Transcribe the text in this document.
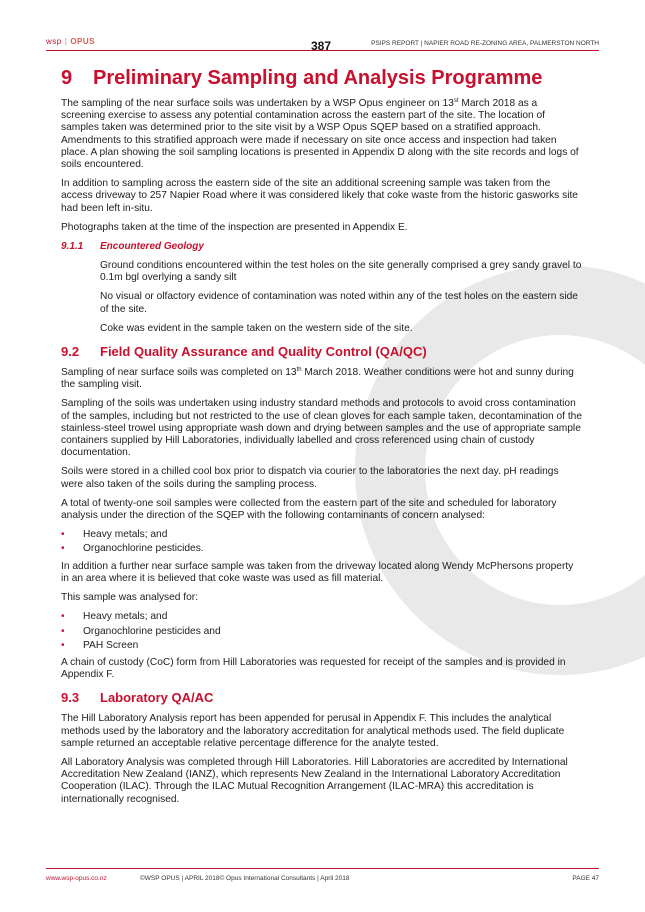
wsp | OPUS	387	PSIPS REPORT | NAPIER ROAD RE-ZONING AREA, PALMERSTON NORTH
9 Preliminary Sampling and Analysis Programme

The sampling of the near surface soils was undertaken by a WSP Opus engineer on 13st March 2018 as a screening exercise to assess any potential contamination across the eastern part of the site. The location of samples taken was determined prior to the site visit by a WSP Opus SQEP based on a stratified approach. Amendments to this stratified approach were made if necessary on site once access and inspection had taken place. A plan showing the soil sampling locations is presented in Appendix D along with the site records and logs of soils encountered.

In addition to sampling across the eastern side of the site an additional screening sample was taken from the access driveway to 257 Napier Road where it was considered likely that coke waste from the historic gasworks site had been left in-situ.

Photographs taken at the time of the inspection are presented in Appendix E.

9.1.1 Encountered Geology

Ground conditions encountered within the test holes on the site generally comprised a grey sandy gravel to 0.1m bgl overlying a sandy silt

No visual or olfactory evidence of contamination was noted within any of the test holes on the eastern side of the site.

Coke was evident in the sample taken on the western side of the site.

9.2 Field Quality Assurance and Quality Control (QA/QC)

Sampling of near surface soils was completed on 13th March 2018. Weather conditions were hot and sunny during the sampling visit.

Sampling of the soils was undertaken using industry standard methods and protocols to avoid cross contamination of the samples, including but not restricted to the use of clean gloves for each sample taken, decontamination of the stainless-steel trowel using appropriate wash down and drying between samples and the use of appropriate sample containers supplied by Hill Laboratories, individually labelled and cross referenced using chain of custody documentation.

Soils were stored in a chilled cool box prior to dispatch via courier to the laboratories the next day. pH readings were also taken of the soils during the sampling process.

A total of twenty-one soil samples were collected from the eastern part of the site and scheduled for laboratory analysis under the direction of the SQEP with the following contaminants of concern analysed:

• Heavy metals; and
• Organochlorine pesticides.

In addition a further near surface sample was taken from the driveway located along Wendy McPhersons property in an area where it is believed that coke waste was used as fill material.

This sample was analysed for:

• Heavy metals; and
• Organochlorine pesticides and
• PAH Screen

A chain of custody (CoC) form from Hill Laboratories was requested for receipt of the samples and is provided in Appendix F.

9.3 Laboratory QA/AC

The Hill Laboratory Analysis report has been appended for perusal in Appendix F. This includes the analytical methods used by the laboratory and the laboratory accreditation for analytical methods used. The field duplicate sample returned an acceptable relative percentage difference for the analyte tested.

All Laboratory Analysis was completed through Hill Laboratories. Hill Laboratories are accredited by International Accreditation New Zealand (IANZ), which represents New Zealand in the International Laboratory Accreditation Cooperation (ILAC). Through the ILAC Mutual Recognition Arrangement (ILAC-MRA) this accreditation is internationally recognised.

www.wsp-opus.co.nz	©WSP OPUS | APRIL 2018© Opus International Consultants | April 2018	PAGE 47
